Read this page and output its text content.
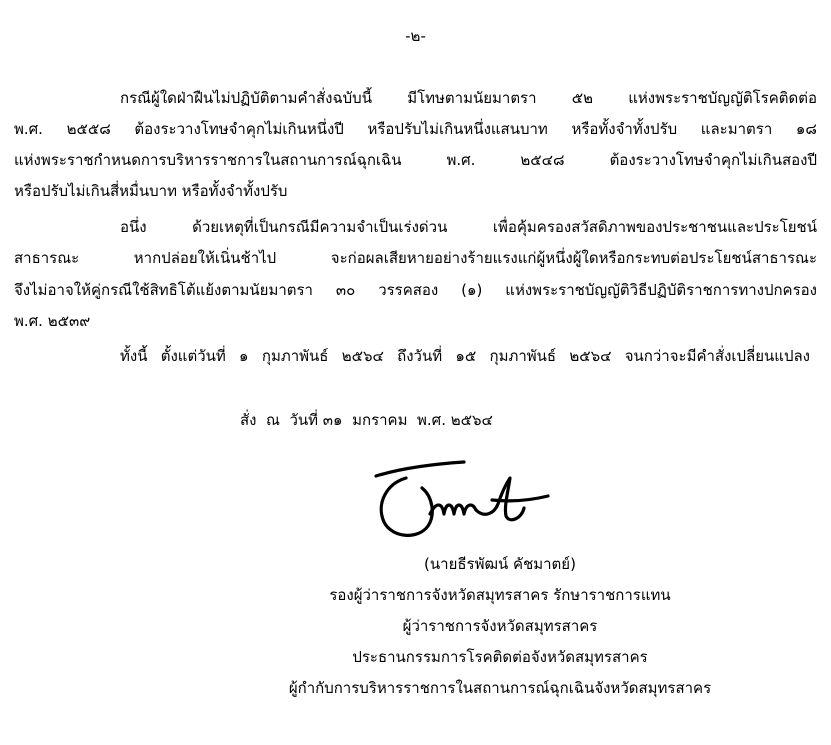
-๒-
กรณีผู้ใดฝ่าฝืนไม่ปฏิบัติตามคำสั่งฉบับนี้ มีโทษตามนัยมาตรา ๕๒ แห่งพระราชบัญญัติโรคติดต่อ
พ.ศ. ๒๕๕๘ ต้องระวางโทษจำคุกไม่เกินหนึ่งปี หรือปรับไม่เกินหนึ่งแสนบาท หรือทั้งจำทั้งปรับ และมาตรา ๑๘
แห่งพระราชกำหนดการบริหารราชการในสถานการณ์ฉุกเฉิน พ.ศ. ๒๕๔๘ ต้องระวางโทษจำคุกไม่เกินสองปี
หรือปรับไม่เกินสี่หมื่นบาท หรือทั้งจำทั้งปรับ
อนึ่ง ด้วยเหตุที่เป็นกรณีมีความจำเป็นเร่งด่วน เพื่อคุ้มครองสวัสดิภาพของประชาชนและประโยชน์
สาธารณะ หากปล่อยให้เนิ่นช้าไป จะก่อผลเสียหายอย่างร้ายแรงแก่ผู้หนึ่งผู้ใดหรือกระทบต่อประโยชน์สาธารณะ
จึงไม่อาจให้คู่กรณีใช้สิทธิโต้แย้งตามนัยมาตรา ๓๐ วรรคสอง (๑) แห่งพระราชบัญญัติวิธีปฏิบัติราชการทางปกครอง
พ.ศ. ๒๕๓๙
ทั้งนี้ ตั้งแต่วันที่ ๑ กุมภาพันธ์ ๒๕๖๔ ถึงวันที่ ๑๕ กุมภาพันธ์ ๒๕๖๔ จนกว่าจะมีคำสั่งเปลี่ยนแปลง
สั่ง  ณ  วันที่ ๓๑  มกราคม  พ.ศ. ๒๕๖๔
(นายธีรพัฒน์ คัชมาตย์)
รองผู้ว่าราชการจังหวัดสมุทรสาคร รักษาราชการแทน
ผู้ว่าราชการจังหวัดสมุทรสาคร
ประธานกรรมการโรคติดต่อจังหวัดสมุทรสาคร
ผู้กำกับการบริหารราชการในสถานการณ์ฉุกเฉินจังหวัดสมุทรสาคร
